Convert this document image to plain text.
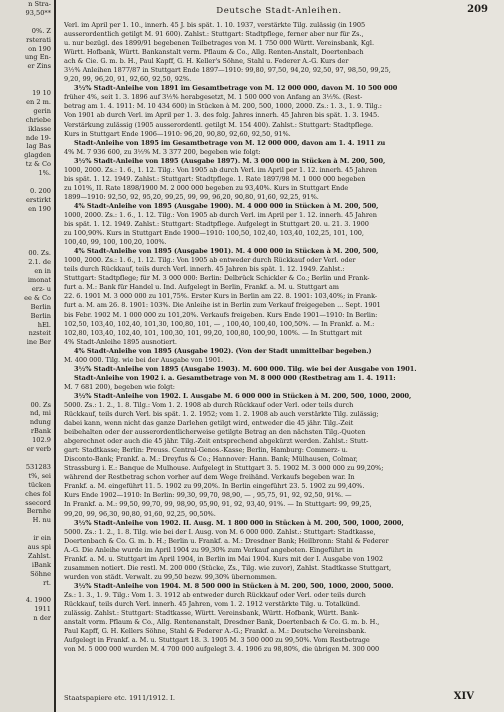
n Stra-
93,50**
0%. Z
rsterati
on 190
ung En-
er Zins
19 10
en 2 m.
gerin
chriebe
iklasse
nde 19-
lag Bas
glagden
tz & Co
1%.
0. 200
erstirkt
en 190
00. Zs.
2.1. de
en in
imonat
erz- u
ee & Co
Berlin
Berlin
hEl.
nzsteit
ine Ber
00. Zs
nd, mi
ndung
rBank
102.9
er verb
531283
t%, sei
tücken
ches fol
ssecord
Bernhe
H. nu
ir ein
aus spi
Zahlst.
iBank
Söhne
rt.
4. 1900
1911
n der
Deutsche Stadt-Anleihen.	209
Verl. im April per 1. 10., innerh. 45 J. bis spät. 1. 10. 1937, verstärkte Tilg. zulässig (in 1905
ausserordentlich getilgt M. 91 600). Zahlst.: Stuttgart: Stadtpflege, ferner aber nur für Zs.,
u. nur bezügl. des 1899/91 begebenen Teilbetrages von M. 1 750 000 Württ. Vereinsbank, Kgl.
Württ. Hofbank, Württ. Bankanstalt verm. Pflaum & Co., Allg. Renten-Anstalt, Doertenbach
ach & Cie. G. m. b. H., Paul Kapff, G. H. Keller's Söhne, Stahl u. Federer A.-G. Kurs der
3½% Anleihen 1877/87 in Stuttgart Ende 1897—1910: 99,80, 97,50, 94,20, 92,50, 97, 98,50, 99,25,
9,20, 99, 96,20, 91, 92,60, 92,50, 92%.
3½% Stadt-Anleihe von 1891 im Gesamtbetrage von M. 12 000 000, davon M. 10 500 000
früher 4%, seit 1. 3. 1896 auf 3½% herabgesetzt, M. 1 500 000 von Anfang an 3½%. (Rest-
betrag am 1. 4. 1911: M. 10 434 600) in Stücken à M. 200, 500, 1000, 2000. Zs.: 1. 3., 1. 9. Tilg.:
Von 1901 ab durch Verl. im April per 1. 3. des folg. Jahres innerh. 45 Jahren bis spät. 1. 3. 1945.
Verstärkung zulässig (1905 ausserordentl. getilgt M. 154 400). Zahlst.: Stuttgart: Stadtpflege.
Kurs in Stuttgart Ende 1906—1910: 96,20, 90,80, 92,60, 92,50, 91%.
Stadt-Anleihe von 1895 im Gesamtbetrage von M. 12 000 000, davon am 1. 4. 1911 zu
4% M. 7 936 600, zu 3½% M. 3 377 200, begeben wie folgt:
3½% Stadt-Anleihe von 1895 (Ausgabe 1897). M. 3 000 000 in Stücken à M. 200, 500,
1000, 2000. Zs.: 1. 6., 1. 12. Tilg.: Von 1905 ab durch Verl. im April per 1. 12. innerh. 45 Jahren
bis spät. 1. 12. 1949. Zahlst.: Stuttgart: Stadtpflege. 1. Rate 1897/98 M. 1 000 000 begeben
zu 101%, II. Rate 1898/1900 M. 2 000 000 begeben zu 93,40%. Kurs in Stuttgart Ende
1899—1910: 92,50, 92, 95,20, 99,25, 99, 99, 96,20, 90,80, 91,60, 92,25, 91%.
4% Stadt-Anleihe von 1895 (Ausgabe 1900). M. 4 000 000 in Stücken à M. 200, 500,
1000, 2000. Zs.: 1. 6., 1. 12. Tilg.: Von 1905 ab durch Verl. im April per 1. 12. innerh. 45 Jahren
bis spät. 1. 12. 1949. Zahlst.: Stuttgart: Stadtpflege. Aufgelegt in Stuttgart 20. u. 21. 3. 1900
zu 100,90%. Kurs in Stuttgart Ende 1900—1910: 100,50, 102,40, 103,40, 102,25, 101, 100,
100,40, 99, 100, 100,20, 100%.
4% Stadt-Anleihe von 1895 (Ausgabe 1901). M. 4 000 000 in Stücken à M. 200, 500,
1000, 2000. Zs.: 1. 6., 1. 12. Tilg.: Von 1905 ab entweder durch Rückkauf oder Verl. oder
teils durch Rückkauf, teils durch Verl. innerh. 45 Jahren bis spät. 1. 12. 1949. Zahlst.:
Stuttgart: Stadtpflege; für M. 3 000 000: Berlin: Delbrück Schickler & Co.; Berlin und Frank-
furt a. M.: Bank für Handel u. Ind. Aufgelegt in Berlin, Frankf. a. M. u. Stuttgart am
22. 6. 1901 M. 3 000 000 zu 101,75%. Erster Kurs in Berlin am 22. 8. 1901: 103,40%; in Frank-
furt a. M. am 26. 8. 1901: 103%. Die Anleihe ist in Berlin zum Verkauf freigegeben ... Sept. 1901
bis Febr. 1902 M. 1 000 000 zu 101,20%. Verkaufs freigeben. Kurs Ende 1901—1910: In Berlin:
102,50, 103,40, 102,40, 101,30, 100,80, 101, — , 100,40, 100,40, 100,50%. — In Frankf. a. M.:
102,80, 103,40, 102,40, 101, 100,30, 101, 99,20, 100,80, 100,90, 100%. — In Stuttgart mit
4% Stadt-Anleihe 1895 ausnotiert.
4% Stadt-Anleihe von 1895 (Ausgabe 1902). (Von der Stadt unmittelbar begeben.)
M. 400 000. Tilg. wie bei der Ausgabe von 1901.
3½% Stadt-Anleihe von 1895 (Ausgabe 1903). M. 600 000. Tilg. wie bei der Ausgabe von 1901.
Stadt-Anleihe von 1902 i. a. Gesamtbetrage von M. 8 000 000 (Restbetrag am 1. 4. 1911:
M. 7 681 200), begeben wie folgt:
3½% Stadt-Anleihe von 1902. I. Ausgabe M. 6 000 000 in Stücken à M. 200, 500, 1000, 2000,
5000. Zs.: 1. 2., 1. 8. Tilg.: Vom 1. 2. 1908 ab durch Rückkauf oder Verl. oder teils durch
Rückkauf, teils durch Verl. bis spät. 1. 2. 1952; vom 1. 2. 1908 ab auch verstärkte Tilg. zulässig;
dabei kann, wenn nicht das ganze Darlehen getilgt wird, entweder die 45 jähr. Tilg.-Zeit
beibehalten oder der ausserordentlicherweise getilgte Betrag an den nächsten Tilg.-Quoten
abgerechnet oder auch die 45 jähr. Tilg.-Zeit entsprechend abgekürzt werden. Zahlst.: Stutt-
gart: Stadtkasse; Berlin: Preuss. Central-Genos.-Kasse; Berlin, Hamburg: Commerz- u.
Disconto-Bank; Frankf. a. M.: Dreyfus & Co.; Hannover: Hann. Bank; Mülhausen, Colmar,
Strassburg i. E.: Banque de Mulhouse. Aufgelegt in Stuttgart 3. 5. 1902 M. 3 000 000 zu 99,20%;
während der Restbetrag schon vorher auf dem Wege freihänd. Verkaufs begeben war. In
Frankf. a. M. eingeführt 11. 5. 1902 zu 99,20%. In Berlin eingeführt 23. 5. 1902 zu 99,40%.
Kurs Ende 1902—1910: In Berlin: 99,30, 99,70, 98,90, — , 95,75, 91, 92, 92,50, 91%. —
In Frankf. a. M.: 99,50, 99,70, 99, 98,90, 95,90, 91, 92, 93,40, 91%. — In Stuttgart: 99, 99,25,
99,20, 99, 96,30, 90,80, 91,60, 92,25, 90,50%.
3½% Stadt-Anleihe von 1902. II. Ausg. M. 1 800 000 in Stücken à M. 200, 500, 1000, 2000,
5000. Zs.: 1. 2., 1. 8. Tilg. wie bei der I. Ausg. von M. 6 000 000. Zahlst.: Stuttgart: Stadtkasse,
Doertenbach & Co. G. m. b. H.; Berlin u. Frankf. a. M.: Dresdner Bank; Heilbronn: Stahl & Federer
A.-G. Die Anleihe wurde im April 1904 zu 99,30% zum Verkauf angeboten. Eingeführt in
Frankf. a. M. u. Stuttgart im April 1904, in Berlin im Mai 1904. Kurs mit der I. Ausgabe von 1902
zusammen notiert. Die restl. M. 200 000 (Stücke, Zs., Tilg. wie zuvor), Zahlst. Stadtkasse Stuttgart,
wurden von städt. Verwalt. zu 99,50 bezw. 99,30% übernommen.
3½% Stadt-Anleihe von 1904. M. 8 500 000 in Stücken à M. 200, 500, 1000, 2000, 5000.
Zs.: 1. 3., 1. 9. Tilg.: Vom 1. 3. 1912 ab entweder durch Rückkauf oder Verl. oder teils durch
Rückkauf, teils durch Verl. innerh. 45 Jahren, vom 1. 2. 1912 verstärkte Tilg. u. Totalkünd.
zulässig. Zahlst.: Stuttgart: Stadtkasse, Württ. Vereinsbank, Württ. Hofbank, Württ. Bank-
anstalt vorm. Pflaum & Co., Allg. Rentenanstalt, Dresdner Bank, Doertenbach & Co. G. m. b. H.,
Paul Kapff, G. H. Kellers Söhne, Stahl & Federer A.-G.; Frankf. a. M.: Deutsche Vereinsbank.
Aufgelegt in Frankf. a. M. u. Stuttgart 18. 3. 1905 M. 3 500 000 zu 99,50%. Vom Restbetrage
von M. 5 000 000 wurden M. 4 700 000 aufgelegt 3. 4. 1906 zu 98,80%, die übrigen M. 300 000
Staatspapiere etc. 1911/1912. I.	XIV
